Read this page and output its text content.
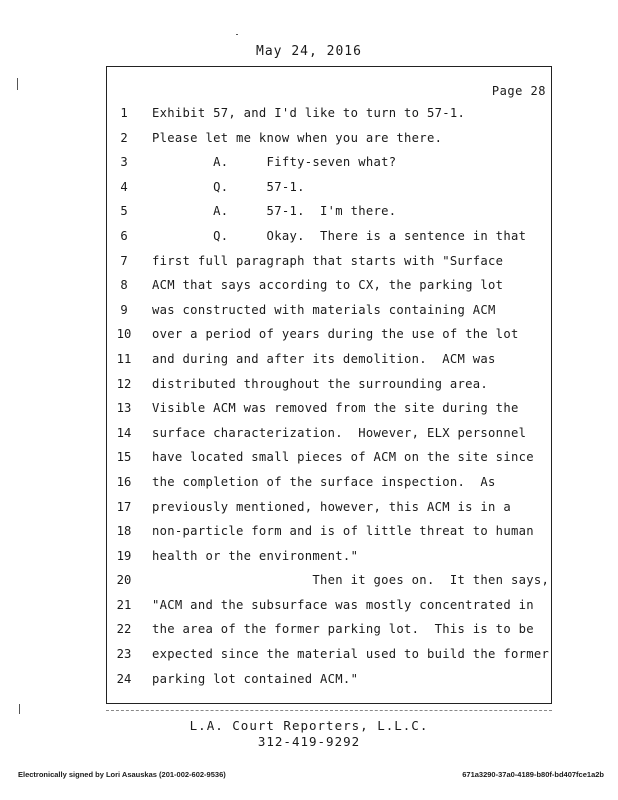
May 24, 2016
Page 28
1	Exhibit 57, and I'd like to turn to 57-1.
2	Please let me know when you are there.
3	A.     Fifty-seven what?
4	Q.     57-1.
5	A.     57-1.  I'm there.
6	Q.     Okay.  There is a sentence in that
7	first full paragraph that starts with "Surface
8	ACM that says according to CX, the parking lot
9	was constructed with materials containing ACM
10	over a period of years during the use of the lot
11	and during and after its demolition.  ACM was
12	distributed throughout the surrounding area.
13	Visible ACM was removed from the site during the
14	surface characterization.  However, ELX personnel
15	have located small pieces of ACM on the site since
16	the completion of the surface inspection.  As
17	previously mentioned, however, this ACM is in a
18	non-particle form and is of little threat to human
19	health or the environment."
20	Then it goes on.  It then says,
21	"ACM and the subsurface was mostly concentrated in
22	the area of the former parking lot.  This is to be
23	expected since the material used to build the former
24	parking lot contained ACM."
L.A. Court Reporters, L.L.C.
312-419-9292
Electronically signed by Lori Asauskas (201-002-602-9536)	671a3290-37a0-4189-b80f-bd407fce1a2b
